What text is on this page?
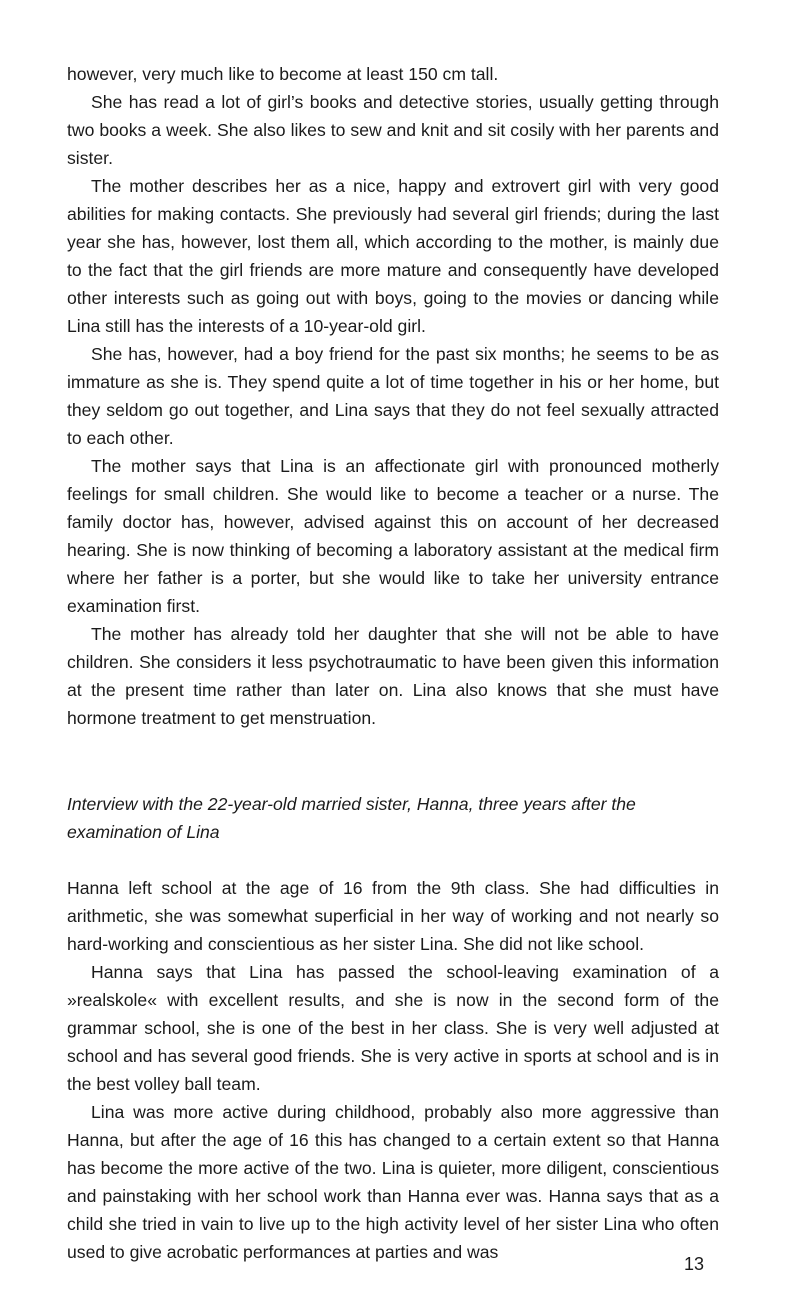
however, very much like to become at least 150 cm tall.

She has read a lot of girl’s books and detective stories, usually getting through two books a week. She also likes to sew and knit and sit cosily with her parents and sister.

The mother describes her as a nice, happy and extrovert girl with very good abilities for making contacts. She previously had several girl friends; during the last year she has, however, lost them all, which according to the mother, is mainly due to the fact that the girl friends are more mature and consequently have developed other interests such as going out with boys, going to the movies or dancing while Lina still has the interests of a 10-year-old girl.

She has, however, had a boy friend for the past six months; he seems to be as immature as she is. They spend quite a lot of time together in his or her home, but they seldom go out together, and Lina says that they do not feel sexually attracted to each other.

The mother says that Lina is an affectionate girl with pronounced motherly feelings for small children. She would like to become a teacher or a nurse. The family doctor has, however, advised against this on account of her decreased hearing. She is now thinking of becoming a laboratory assistant at the medical firm where her father is a porter, but she would like to take her university entrance examination first.

The mother has already told her daughter that she will not be able to have children. She considers it less psychotraumatic to have been given this information at the present time rather than later on. Lina also knows that she must have hormone treatment to get menstruation.

Interview with the 22-year-old married sister, Hanna, three years after the examination of Lina

Hanna left school at the age of 16 from the 9th class. She had difficulties in arithmetic, she was somewhat superficial in her way of working and not nearly so hard-working and conscientious as her sister Lina. She did not like school.

Hanna says that Lina has passed the school-leaving examination of a »realskole« with excellent results, and she is now in the second form of the grammar school, she is one of the best in her class. She is very well adjusted at school and has several good friends. She is very active in sports at school and is in the best volley ball team.

Lina was more active during childhood, probably also more aggressive than Hanna, but after the age of 16 this has changed to a certain extent so that Hanna has become the more active of the two. Lina is quieter, more diligent, conscientious and painstaking with her school work than Hanna ever was. Hanna says that as a child she tried in vain to live up to the high activity level of her sister Lina who often used to give acrobatic performances at parties and was

13
